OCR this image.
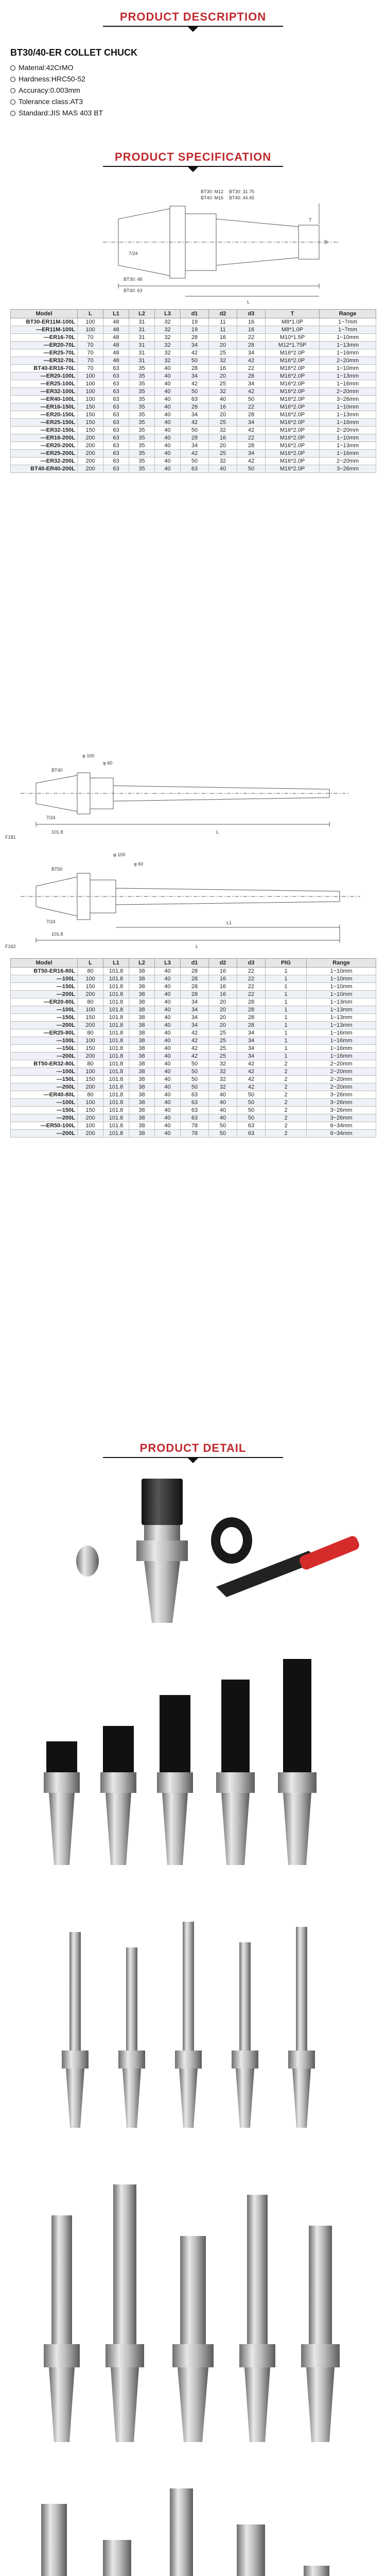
PRODUCT DESCRIPTION
BT30/40-ER COLLET CHUCK
Material:42CrMO
Hardness:HRC50-52
Accuracy:0.003mm
Tolerance class:AT3
Standard:JIS MAS 403 BT
PRODUCT SPECIFICATION
BT30: M12
BT40: M16
BT30: 31.75
BT40: 44.45
7/24
BT30: 46
BT40: 63
D
T
L
Model	L	L1	L2	L3	d1	d2	d3	T	Range
BT30-ER11M-100L	100	48	31	32	19	11	16	M8*1.0P	1~7mm
—ER11M-100L	100	48	31	32	19	11	16	M8*1.0P	1~7mm
—ER16-70L	70	48	31	32	28	16	22	M10*1.5P	1~10mm
—ER20-70L	70	48	31	32	34	20	28	M12*1.75P	1~13mm
—ER25-70L	70	48	31	32	42	25	34	M16*2.0P	1~16mm
—ER32-70L	70	48	31	32	50	32	42	M16*2.0P	2~20mm
BT40-ER16-70L	70	63	35	40	28	16	22	M16*2.0P	1~10mm
—ER20-100L	100	63	35	40	34	20	28	M16*2.0P	1~13mm
—ER25-100L	100	63	35	40	42	25	34	M16*2.0P	1~16mm
—ER32-100L	100	63	35	40	50	32	42	M16*2.0P	2~20mm
—ER40-100L	100	63	35	40	63	40	50	M16*2.0P	3~26mm
—ER16-150L	150	63	35	40	28	16	22	M16*2.0P	1~10mm
—ER20-150L	150	63	35	40	34	20	28	M16*2.0P	1~13mm
—ER25-150L	150	63	35	40	42	25	34	M16*2.0P	1~16mm
—ER32-150L	150	63	35	40	50	32	42	M16*2.0P	2~20mm
—ER16-200L	200	63	35	40	28	16	22	M16*2.0P	1~10mm
—ER20-200L	200	63	35	40	34	20	28	M16*2.0P	1~13mm
—ER25-200L	200	63	35	40	42	25	34	M16*2.0P	1~16mm
—ER32-200L	200	63	35	40	50	32	42	M16*2.0P	2~20mm
BT40-ER40-200L	200	63	35	40	63	40	50	M16*2.0P	3~26mm
φ 100
φ 60
BT40
7/24
101.8	L
F181
φ 100
φ 60
BT50
7/24
101.8
L1
L
F162
Model	L	L1	L2	L3	d1	d2	d3	PIG	Range
BT50-ER16-80L	80	101.8	38	40	28	16	22	1	1~10mm
—100L	100	101.8	38	40	28	16	22	1	1~10mm
—150L	150	101.8	38	40	28	16	22	1	1~10mm
—200L	200	101.8	38	40	28	16	22	1	1~10mm
—ER20-80L	80	101.8	38	40	34	20	28	1	1~13mm
—100L	100	101.8	38	40	34	20	28	1	1~13mm
—150L	150	101.8	38	40	34	20	28	1	1~13mm
—200L	200	101.8	38	40	34	20	28	1	1~13mm
—ER25-80L	80	101.8	38	40	42	25	34	1	1~16mm
—100L	100	101.8	38	40	42	25	34	1	1~16mm
—150L	150	101.8	38	40	42	25	34	1	1~16mm
—200L	200	101.8	38	40	42	25	34	1	1~16mm
BT50-ER32-80L	80	101.8	38	40	50	32	42	2	2~20mm
—100L	100	101.8	38	40	50	32	42	2	2~20mm
—150L	150	101.8	38	40	50	32	42	2	2~20mm
—200L	200	101.8	38	40	50	32	42	2	2~20mm
—ER40-80L	80	101.8	38	40	63	40	50	2	3~26mm
—100L	100	101.8	38	40	63	40	50	2	3~26mm
—150L	150	101.8	38	40	63	40	50	2	3~26mm
—200L	200	101.8	38	40	63	40	50	2	3~26mm
—ER50-100L	100	101.8	38	40	78	50	63	2	6~34mm
—200L	200	101.8	38	40	78	50	63	2	6~34mm
PRODUCT DETAIL
